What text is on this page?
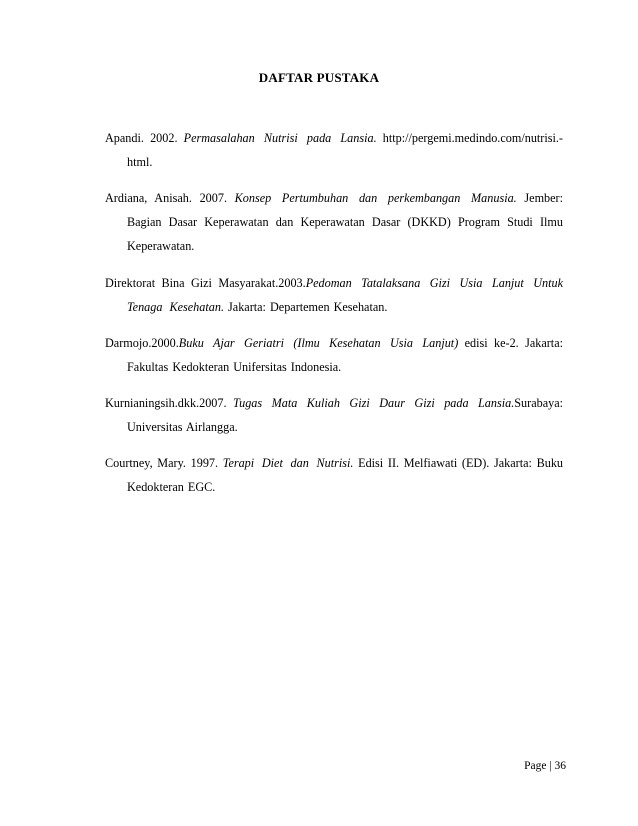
DAFTAR PUSTAKA

Apandi. 2002. Permasalahan Nutrisi pada Lansia. http://pergemi.medindo.com/nutrisi.-html.

Ardiana, Anisah. 2007. Konsep Pertumbuhan dan perkembangan Manusia. Jember: Bagian Dasar Keperawatan dan Keperawatan Dasar (DKKD) Program Studi Ilmu Keperawatan.

Direktorat Bina Gizi Masyarakat.2003.Pedoman Tatalaksana Gizi Usia Lanjut Untuk Tenaga Kesehatan. Jakarta: Departemen Kesehatan.

Darmojo.2000.Buku Ajar Geriatri (Ilmu Kesehatan Usia Lanjut) edisi ke-2. Jakarta: Fakultas Kedokteran Unifersitas Indonesia.

Kurnianingsih.dkk.2007. Tugas Mata Kuliah Gizi Daur Gizi pada Lansia.Surabaya: Universitas Airlangga.

Courtney, Mary. 1997. Terapi Diet dan Nutrisi. Edisi II. Melfiawati (ED). Jakarta: Buku Kedokteran EGC.

Page | 36
